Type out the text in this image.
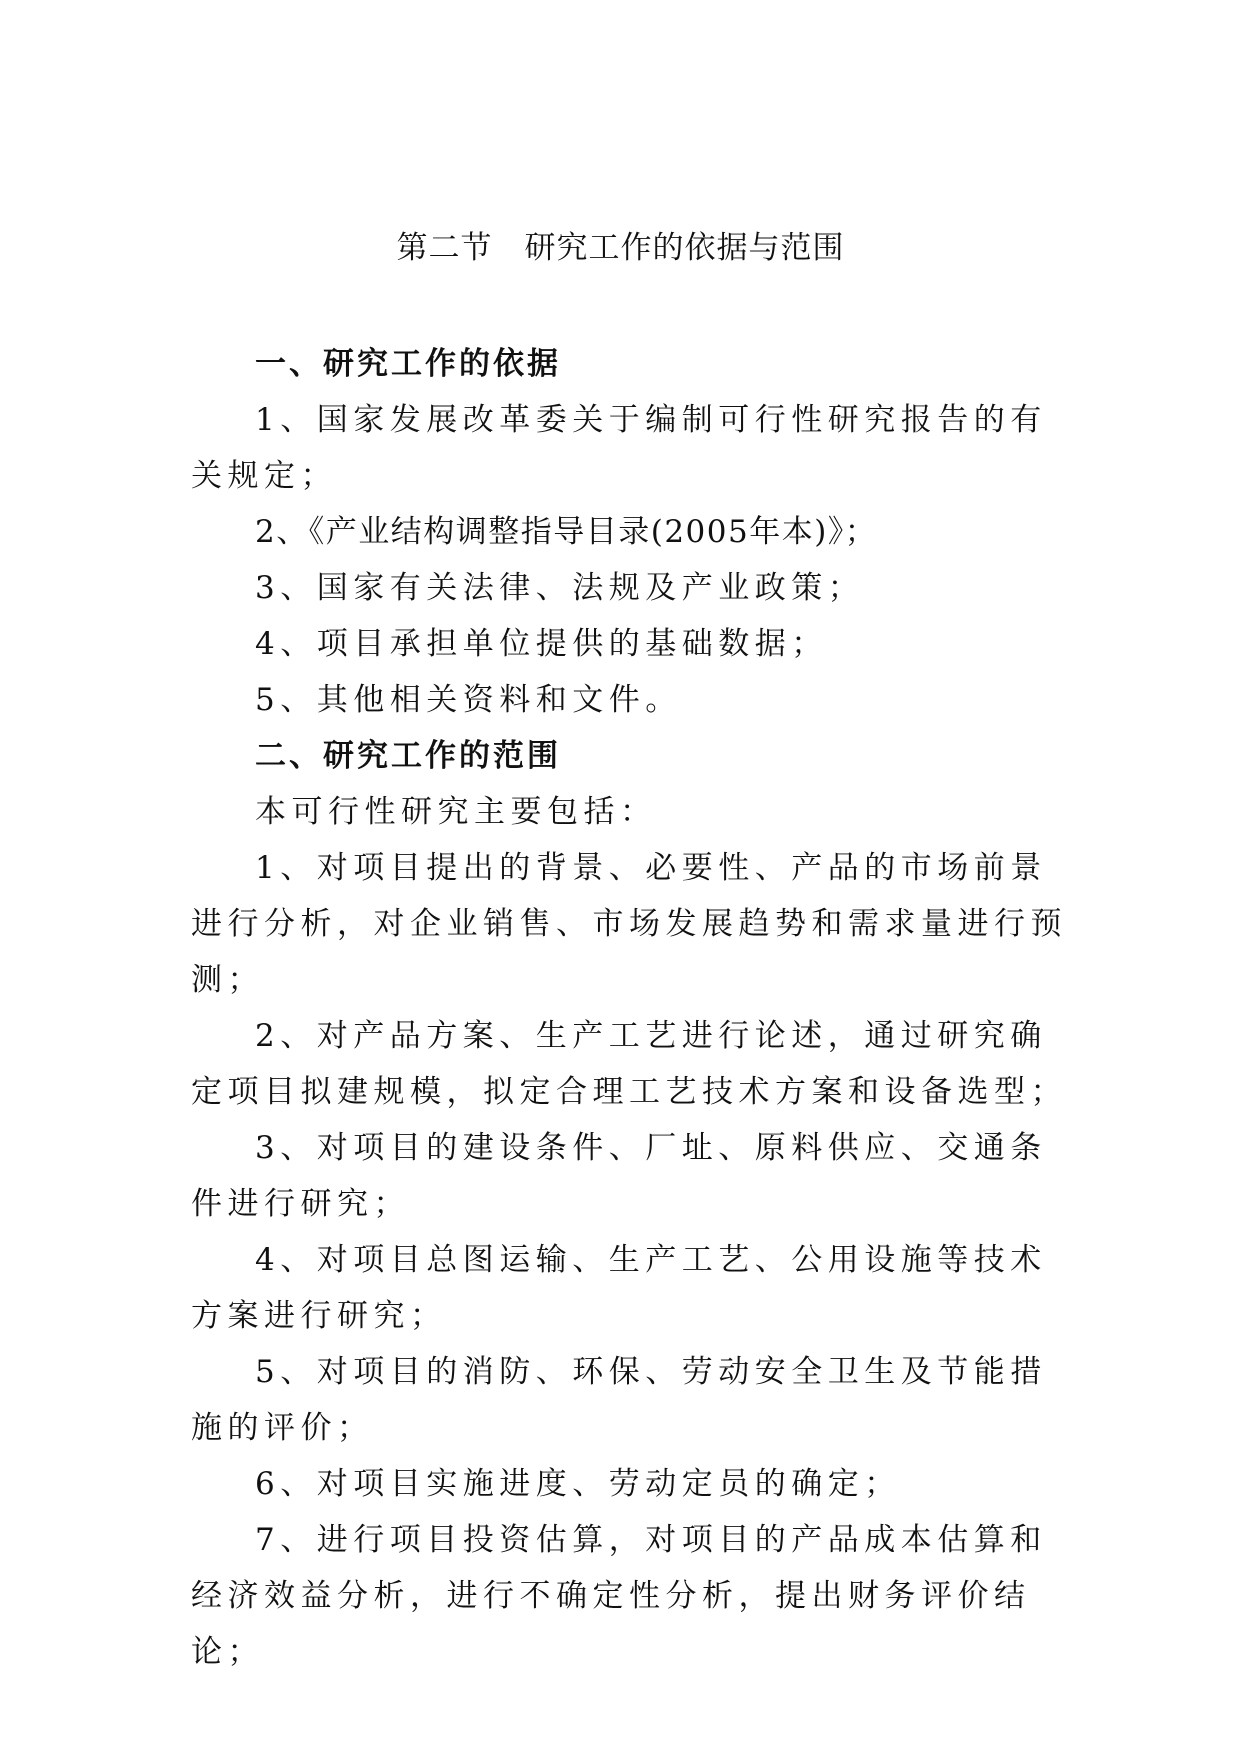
第二节 研究工作的依据与范围

一、研究工作的依据

1、国家发展改革委关于编制可行性研究报告的有关规定；

2、《产业结构调整指导目录(2005年本)》；

3、国家有关法律、法规及产业政策；

4、项目承担单位提供的基础数据；

5、其他相关资料和文件。

二、研究工作的范围

本可行性研究主要包括：

1、对项目提出的背景、必要性、产品的市场前景进行分析，对企业销售、市场发展趋势和需求量进行预测；

2、对产品方案、生产工艺进行论述，通过研究确定项目拟建规模，拟定合理工艺技术方案和设备选型；

3、对项目的建设条件、厂址、原料供应、交通条件进行研究；

4、对项目总图运输、生产工艺、公用设施等技术方案进行研究；

5、对项目的消防、环保、劳动安全卫生及节能措施的评价；

6、对项目实施进度、劳动定员的确定；

7、进行项目投资估算，对项目的产品成本估算和经济效益分析，进行不确定性分析，提出财务评价结论；
